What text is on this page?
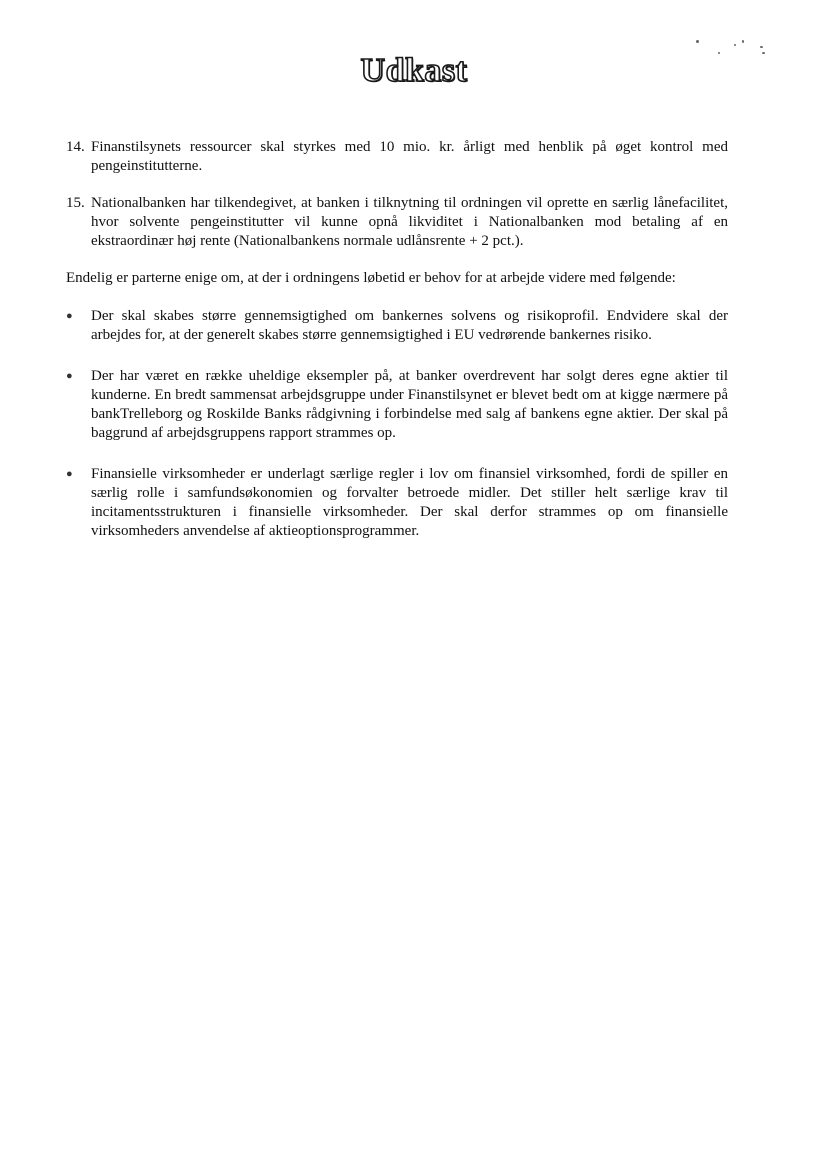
Udkast
14. Finanstilsynets ressourcer skal styrkes med 10 mio. kr. årligt med henblik på øget kontrol med pengeinstitutterne.
15. Nationalbanken har tilkendegivet, at banken i tilknytning til ordningen vil oprette en særlig lånefacilitet, hvor solvente pengeinstitutter vil kunne opnå likviditet i Nationalbanken mod betaling af en ekstraordinær høj rente (Nationalbankens normale udlånsrente + 2 pct.).
Endelig er parterne enige om, at der i ordningens løbetid er behov for at arbejde videre med følgende:
●	Der skal skabes større gennemsigtighed om bankernes solvens og risikoprofil. Endvidere skal der arbejdes for, at der generelt skabes større gennemsigtighed i EU vedrørende bankernes risiko.
●	Der har været en række uheldige eksempler på, at banker overdrevent har solgt deres egne aktier til kunderne. En bredt sammensat arbejdsgruppe under Finanstilsynet er blevet bedt om at kigge nærmere på bankTrelleborg og Roskilde Banks rådgivning i forbindelse med salg af bankens egne aktier. Der skal på baggrund af arbejdsgruppens rapport strammes op.
●	Finansielle virksomheder er underlagt særlige regler i lov om finansiel virksomhed, fordi de spiller en særlig rolle i samfundsøkonomien og forvalter betroede midler. Det stiller helt særlige krav til incitamentsstrukturen i finansielle virksomheder. Der skal derfor strammes op om finansielle virksomheders anvendelse af aktieoptionsprogrammer.
